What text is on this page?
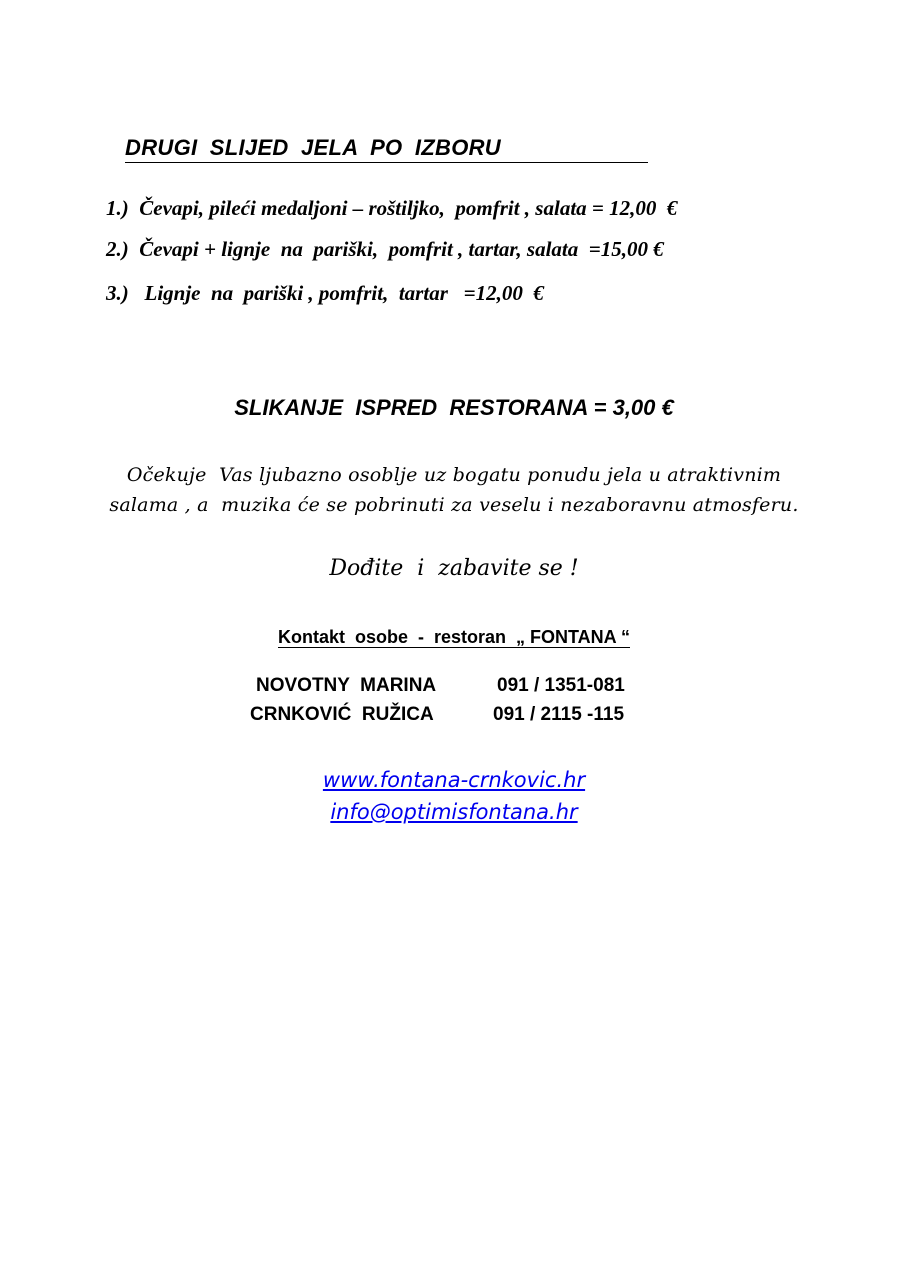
DRUGI SLIJED JELA PO IZBORU
1.)  Čevapi, pileći medaljoni – roštiljko,  pomfrit , salata = 12,00  €
2.)  Čevapi + lignje  na  pariški,  pomfrit , tartar, salata  =15,00 €
3.)   Lignje  na  pariški , pomfrit,  tartar   =12,00  €
SLIKANJE  ISPRED  RESTORANA = 3,00 €
Očekuje  Vas ljubazno osoblje uz bogatu ponudu jela u atraktivnim
salama , a  muzika će se pobrinuti za veselu i nezaboravnu atmosferu.
Dođite  i  zabavite se !
Kontakt  osobe  -  restoran  „ FONTANA “
NOVOTNY  MARINA	091 / 1351-081
CRNKOVIĆ  RUŽICA	091 / 2115 -115
www.fontana-crnkovic.hr
info@optimisfontana.hr
